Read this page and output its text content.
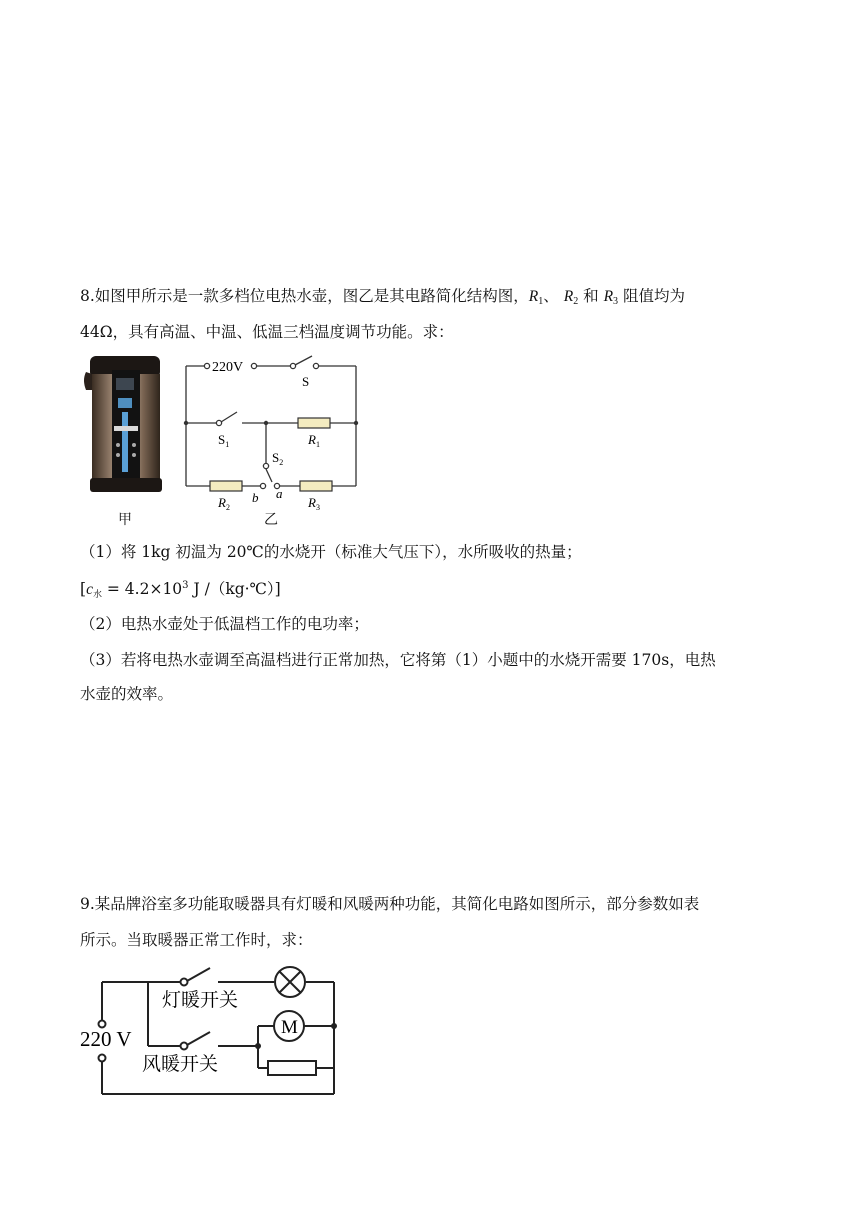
8.如图甲所示是一款多档位电热水壶，图乙是其电路简化结构图，$R_1$、 $R_2$ 和 $R_3$ 阻值均为
44Ω，具有高温、中温、低温三档温度调节功能。求：
甲
220V
S
$S_1$
$S_2$
$R_1$
$R_2$	$R_3$
b a
乙
（1）将 1kg 初温为 20℃的水烧开（标准大气压下），水所吸收的热量；
[$c_水 = 4.2\times 10^3$ J /（kg·℃）]
（2）电热水壶处于低温档工作的电功率；
（3）若将电热水壶调至高温档进行正常加热，它将第（1）小题中的水烧开需要 170s，电热
水壶的效率。
9.某品牌浴室多功能取暖器具有灯暖和风暖两种功能，其简化电路如图所示，部分参数如表
所示。当取暖器正常工作时，求：
M
220 V
灯暖开关
风暖开关
